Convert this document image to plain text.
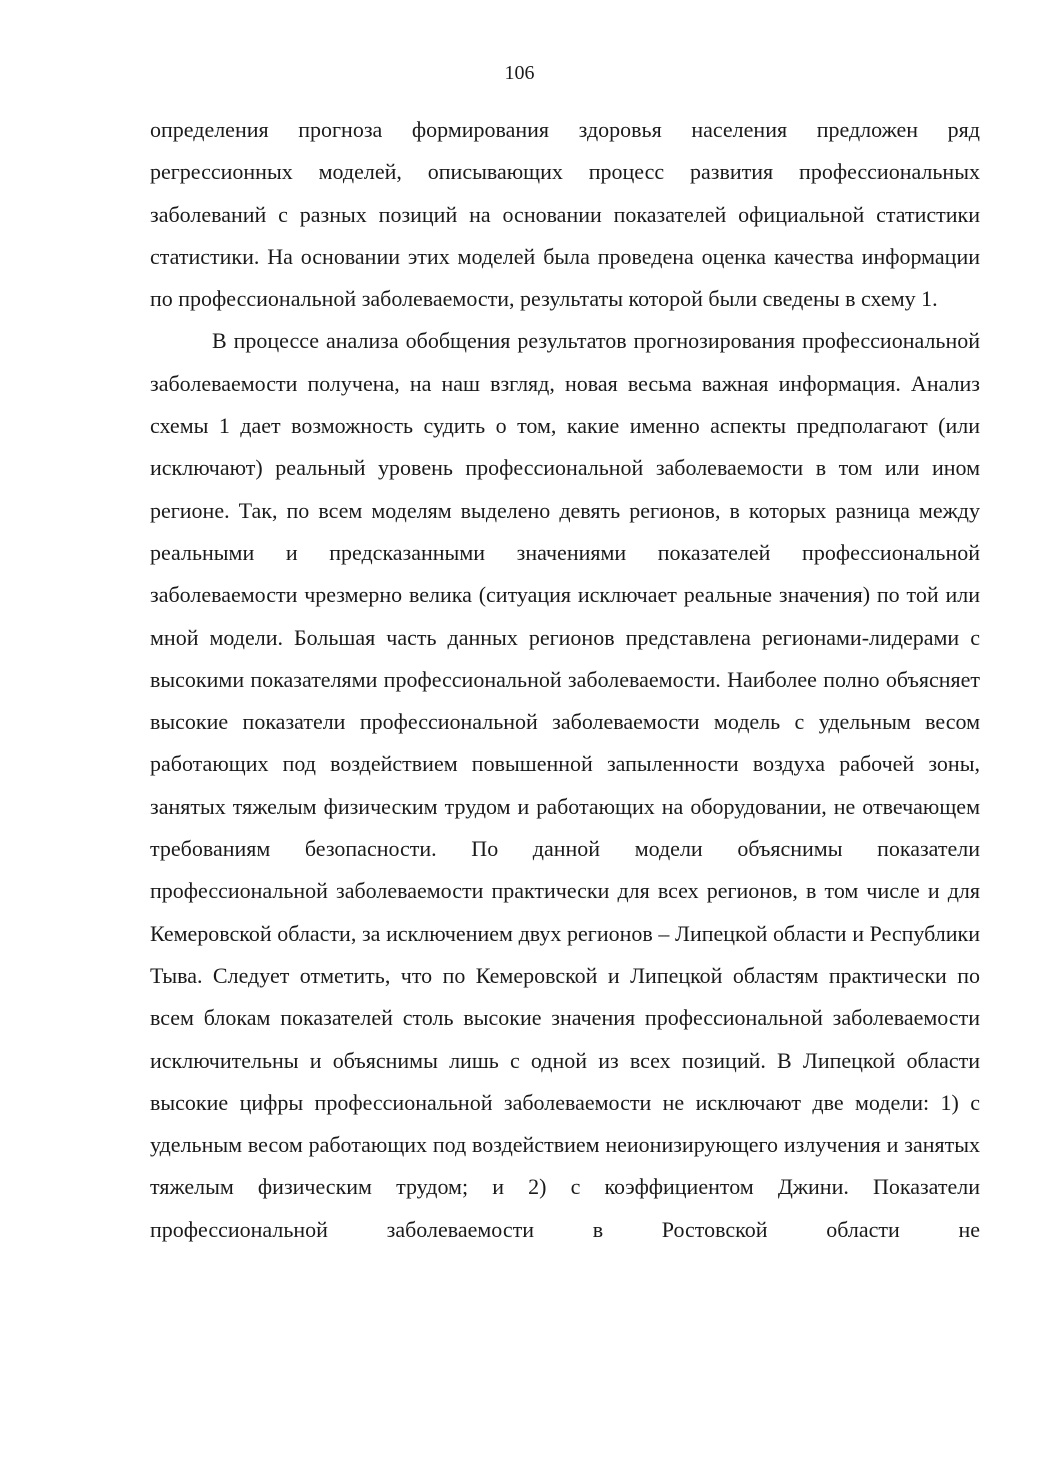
106

определения прогноза формирования здоровья населения предложен ряд регрессионных моделей, описывающих процесс развития профессиональных заболеваний с разных позиций на основании показателей официальной статистики статистики. На основании этих моделей была проведена оценка качества информации по профессиональной заболеваемости, результаты которой были сведены в схему 1.

В процессе анализа обобщения результатов прогнозирования профессиональной заболеваемости получена, на наш взгляд, новая весьма важная информация. Анализ схемы 1 дает возможность судить о том, какие именно аспекты предполагают (или исключают) реальный уровень профессиональной заболеваемости в том или ином регионе. Так, по всем моделям выделено девять регионов, в которых разница между реальными и предсказанными значениями показателей профессиональной заболеваемости чрезмерно велика (ситуация исключает реальные значения) по той или мной модели. Большая часть данных регионов представлена регионами-лидерами с высокими показателями профессиональной заболеваемости. Наиболее полно объясняет высокие показатели профессиональной заболеваемости модель с удельным весом работающих под воздействием повышенной запыленности воздуха рабочей зоны, занятых тяжелым физическим трудом и работающих на оборудовании, не отвечающем требованиям безопасности. По данной модели объяснимы показатели профессиональной заболеваемости практически для всех регионов, в том числе и для Кемеровской области, за исключением двух регионов – Липецкой области и Республики Тыва. Следует отметить, что по Кемеровской и Липецкой областям практически по всем блокам показателей столь высокие значения профессиональной заболеваемости исключительны и объяснимы лишь с одной из всех позиций. В Липецкой области высокие цифры профессиональной заболеваемости не исключают две модели: 1) с удельным весом работающих под воздействием неионизирующего излучения и занятых тяжелым физическим трудом; и 2) с коэффициентом Джини. Показатели профессиональной заболеваемости в Ростовской области не
